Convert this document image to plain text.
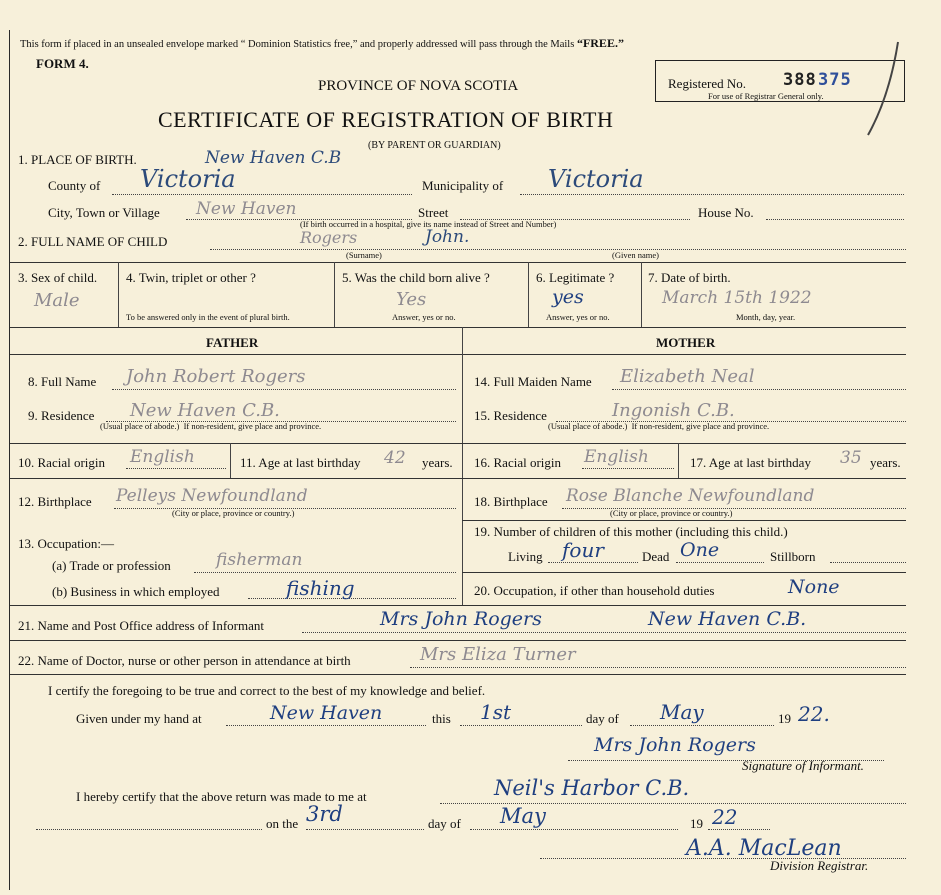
This form if placed in an unsealed envelope marked “ Dominion Statistics free,” and properly addressed will pass through the Mails “FREE.”
FORM 4.
PROVINCE OF NOVA SCOTIA
CERTIFICATE OF REGISTRATION OF BIRTH
(BY PARENT OR GUARDIAN)
Registered No. 388 375
For use of Registrar General only.
1. PLACE OF BIRTH.	New Haven C.B
County of Victoria	Municipality of Victoria
City, Town or Village New Haven	Street	House No.
(If birth occurred in a hospital, give its name instead of Street and Number)
2. FULL NAME OF CHILD	Rogers	John.
(Surname)	(Given name)
3. Sex of child.
Male
4. Twin, triplet or other ?
To be answered only in the event of plural birth.
5. Was the child born alive ?
Yes
Answer, yes or no.
6. Legitimate ?
yes
Answer, yes or no.
7. Date of birth.
March 15th 1922
Month, day, year.
FATHER	MOTHER
8. Full Name John Robert Rogers
9. Residence New Haven C.B.
(Usual place of abode.) If non-resident, give place and province.
10. Racial origin English	11. Age at last birthday 42 years.
12. Birthplace Pelleys Newfoundland
(City or place, province or country.)
14. Full Maiden Name Elizabeth Neal
15. Residence	Ingonish C.B.
(Usual place of abode.) If non-resident, give place and province.
16. Racial origin English	17. Age at last birthday 35 years.
18. Birthplace Rose Blanche Newfoundland
(City or place, province or country.)
19. Number of children of this mother (including this child.)
Living four	Dead One	Stillborn
13. Occupation:—
(a) Trade or profession	fisherman
(b) Business in which employed	fishing	20. Occupation, if other than household duties	None
21. Name and Post Office address of Informant	Mrs John Rogers	New Haven C.B.
22. Name of Doctor, nurse or other person in attendance at birth	Mrs Eliza Turner
I certify the foregoing to be true and correct to the best of my knowledge and belief.
Given under my hand at	New Haven	this 1st	day of May	19 22.
Mrs John Rogers
Signature of Informant.
I hereby certify that the above return was made to me at	Neil's Harbor C.B.
on the 3rd	day of May	19 22
A.A. MacLean
Division Registrar.
